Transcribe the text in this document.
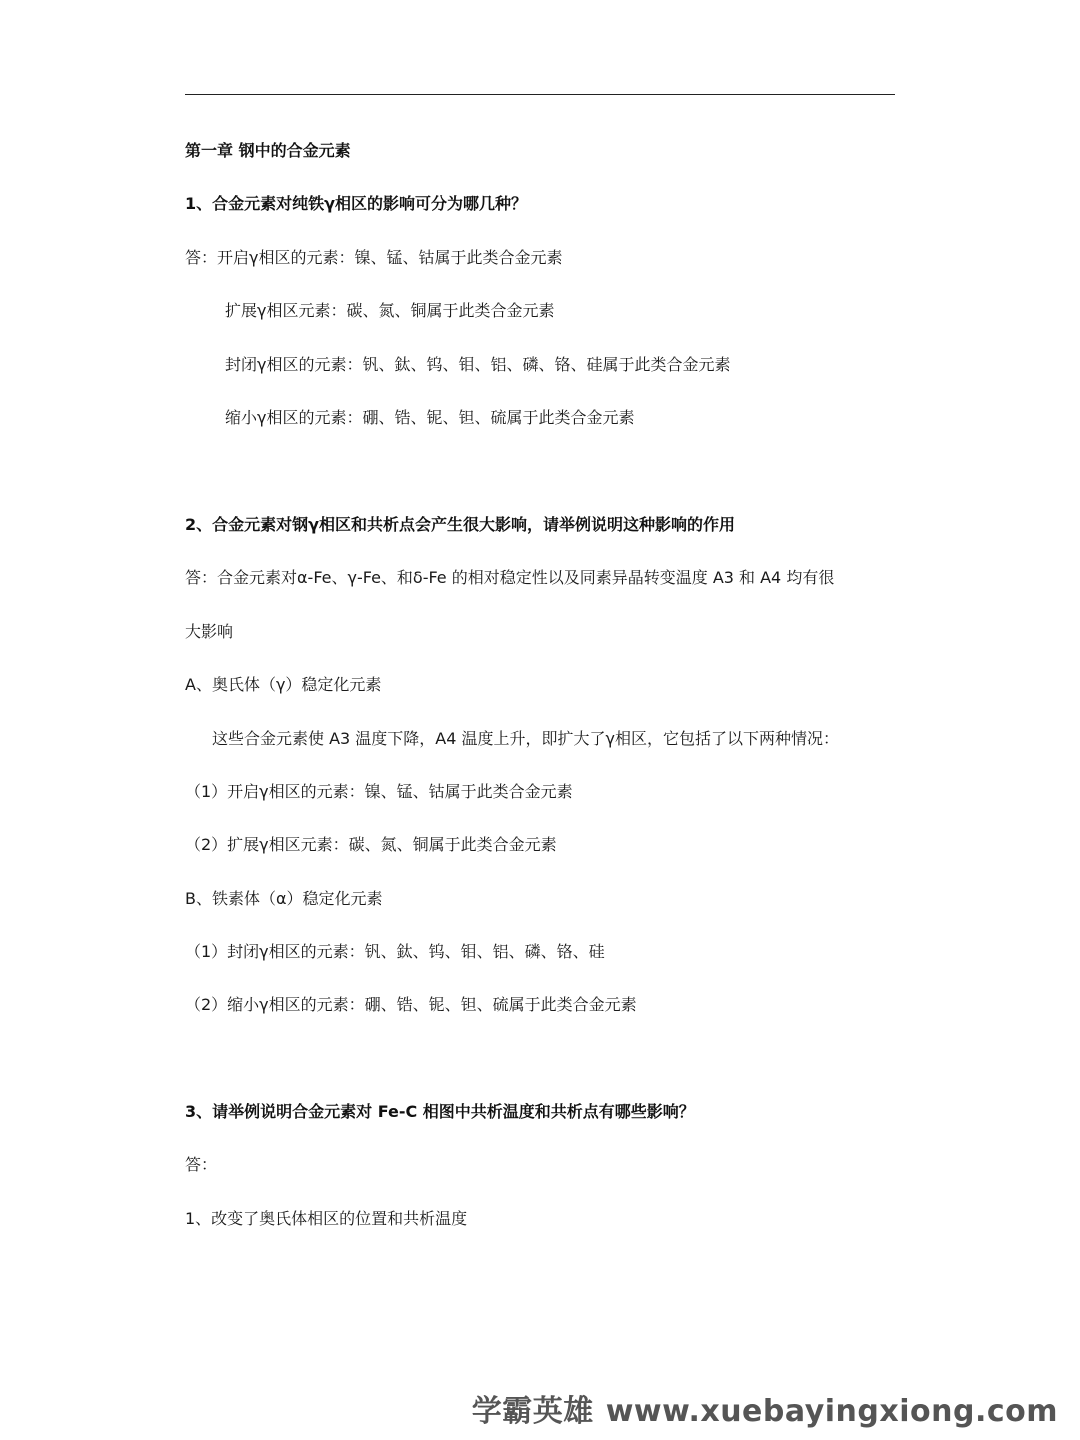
第一章 钢中的合金元素
1、合金元素对纯铁γ相区的影响可分为哪几种？
答：开启γ相区的元素：镍、锰、钴属于此类合金元素
扩展γ相区元素：碳、氮、铜属于此类合金元素
封闭γ相区的元素：钒、鈦、钨、钼、铝、磷、铬、硅属于此类合金元素
缩小γ相区的元素：硼、锆、铌、钽、硫属于此类合金元素
2、合金元素对钢γ相区和共析点会产生很大影响，请举例说明这种影响的作用
答：合金元素对α-Fe、γ-Fe、和δ-Fe 的相对稳定性以及同素异晶转变温度 A3 和 A4 均有很
大影响
A、奥氏体（γ）稳定化元素
这些合金元素使 A3 温度下降，A4 温度上升，即扩大了γ相区，它包括了以下两种情况：
（1）开启γ相区的元素：镍、锰、钴属于此类合金元素
（2）扩展γ相区元素：碳、氮、铜属于此类合金元素
B、铁素体（α）稳定化元素
（1）封闭γ相区的元素：钒、鈦、钨、钼、铝、磷、铬、硅
（2）缩小γ相区的元素：硼、锆、铌、钽、硫属于此类合金元素
3、请举例说明合金元素对 Fe-C 相图中共析温度和共析点有哪些影响？
答：
1、改变了奥氏体相区的位置和共析温度
学霸英雄 www.xuebayingxiong.com
